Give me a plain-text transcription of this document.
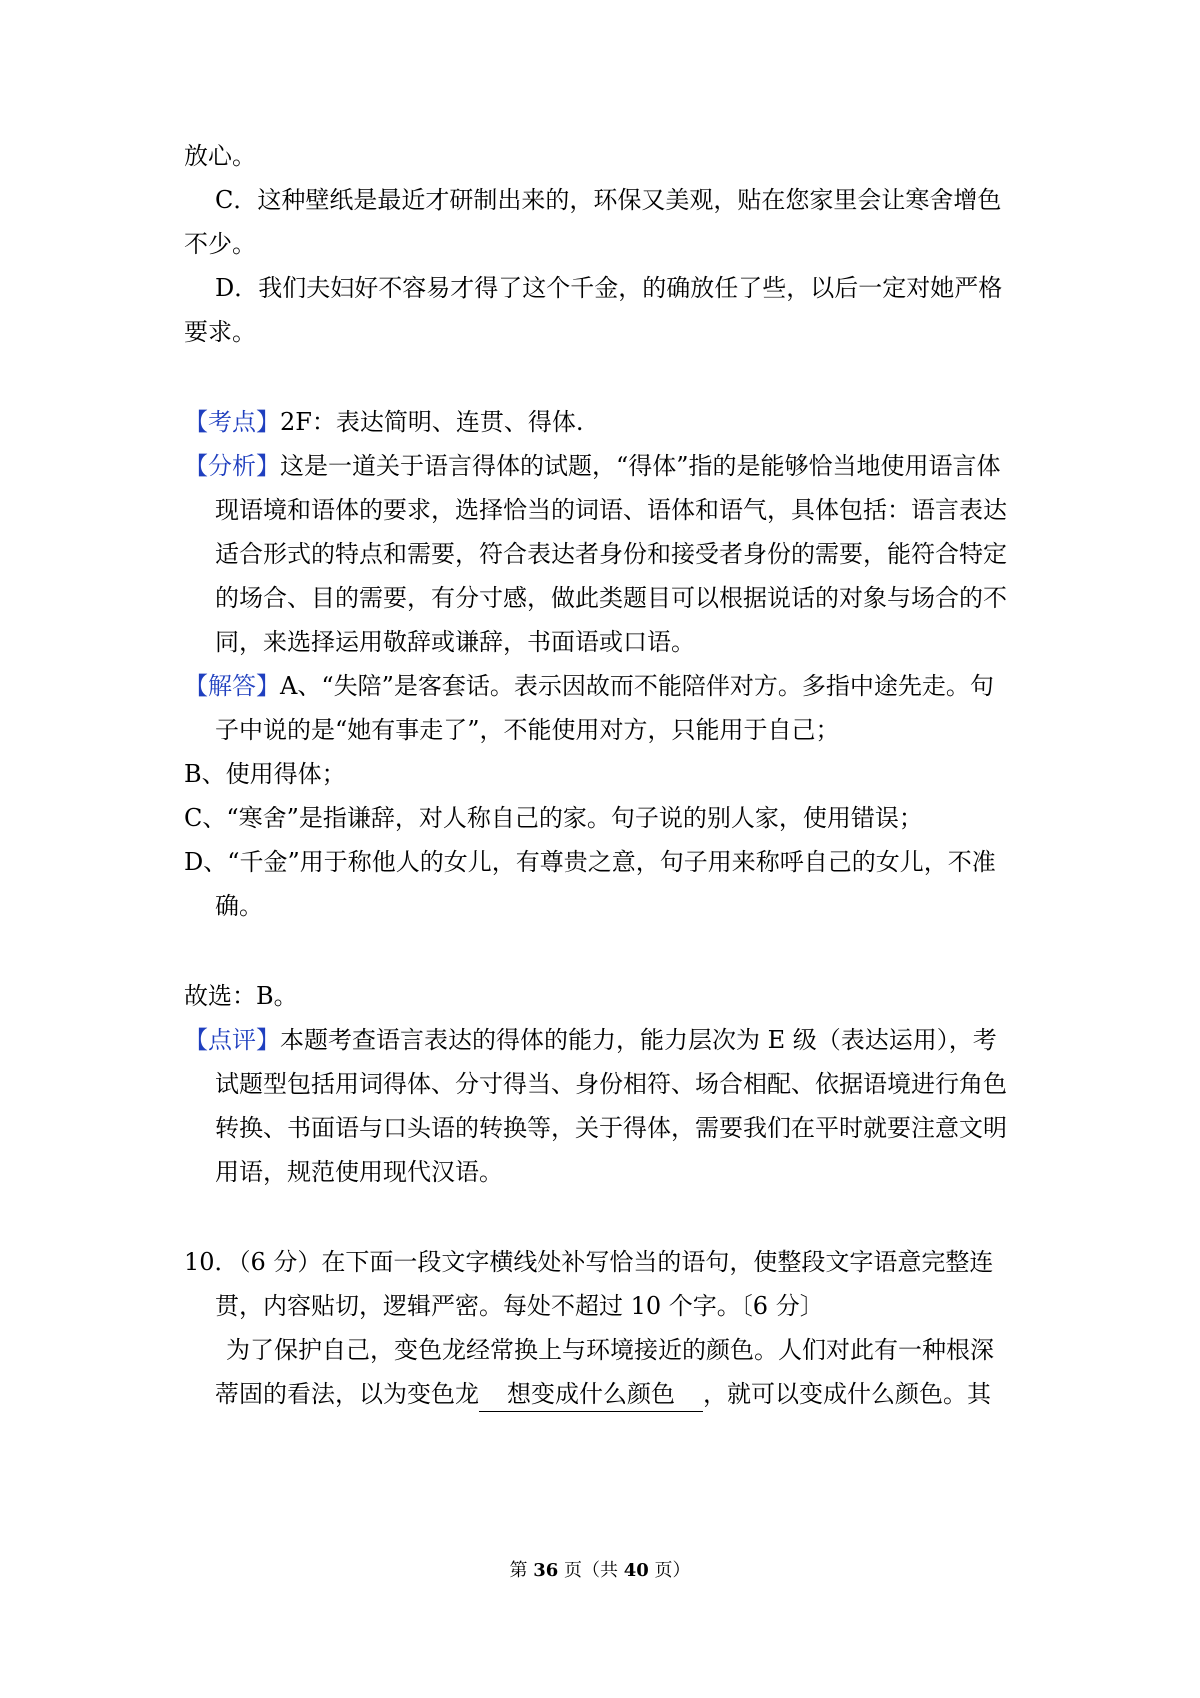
放心。
C．这种壁纸是最近才研制出来的，环保又美观，贴在您家里会让寒舍增色
不少。
D．我们夫妇好不容易才得了这个千金，的确放任了些，以后一定对她严格
要求。
【考点】2F：表达简明、连贯、得体.
【分析】这是一道关于语言得体的试题，“得体”指的是能够恰当地使用语言体
现语境和语体的要求，选择恰当的词语、语体和语气，具体包括：语言表达
适合形式的特点和需要，符合表达者身份和接受者身份的需要，能符合特定
的场合、目的需要，有分寸感，做此类题目可以根据说话的对象与场合的不
同，来选择运用敬辞或谦辞，书面语或口语。
【解答】A、“失陪”是客套话。表示因故而不能陪伴对方。多指中途先走。句
子中说的是“她有事走了”，不能使用对方，只能用于自己；
B、使用得体；
C、“寒舍”是指谦辞，对人称自己的家。句子说的别人家，使用错误；
D、“千金”用于称他人的女儿，有尊贵之意，句子用来称呼自己的女儿，不准
确。
故选：B。
【点评】本题考查语言表达的得体的能力，能力层次为 E 级（表达运用），考
试题型包括用词得体、分寸得当、身份相符、场合相配、依据语境进行角色
转换、书面语与口头语的转换等，关于得体，需要我们在平时就要注意文明
用语，规范使用现代汉语。
10．（6 分）在下面一段文字横线处补写恰当的语句，使整段文字语意完整连
贯，内容贴切，逻辑严密。每处不超过 10 个字。〔6 分〕
为了保护自己，变色龙经常换上与环境接近的颜色。人们对此有一种根深
蒂固的看法，以为变色龙 想变成什么颜色 ，就可以变成什么颜色。其
第 36 页（共 40 页）
